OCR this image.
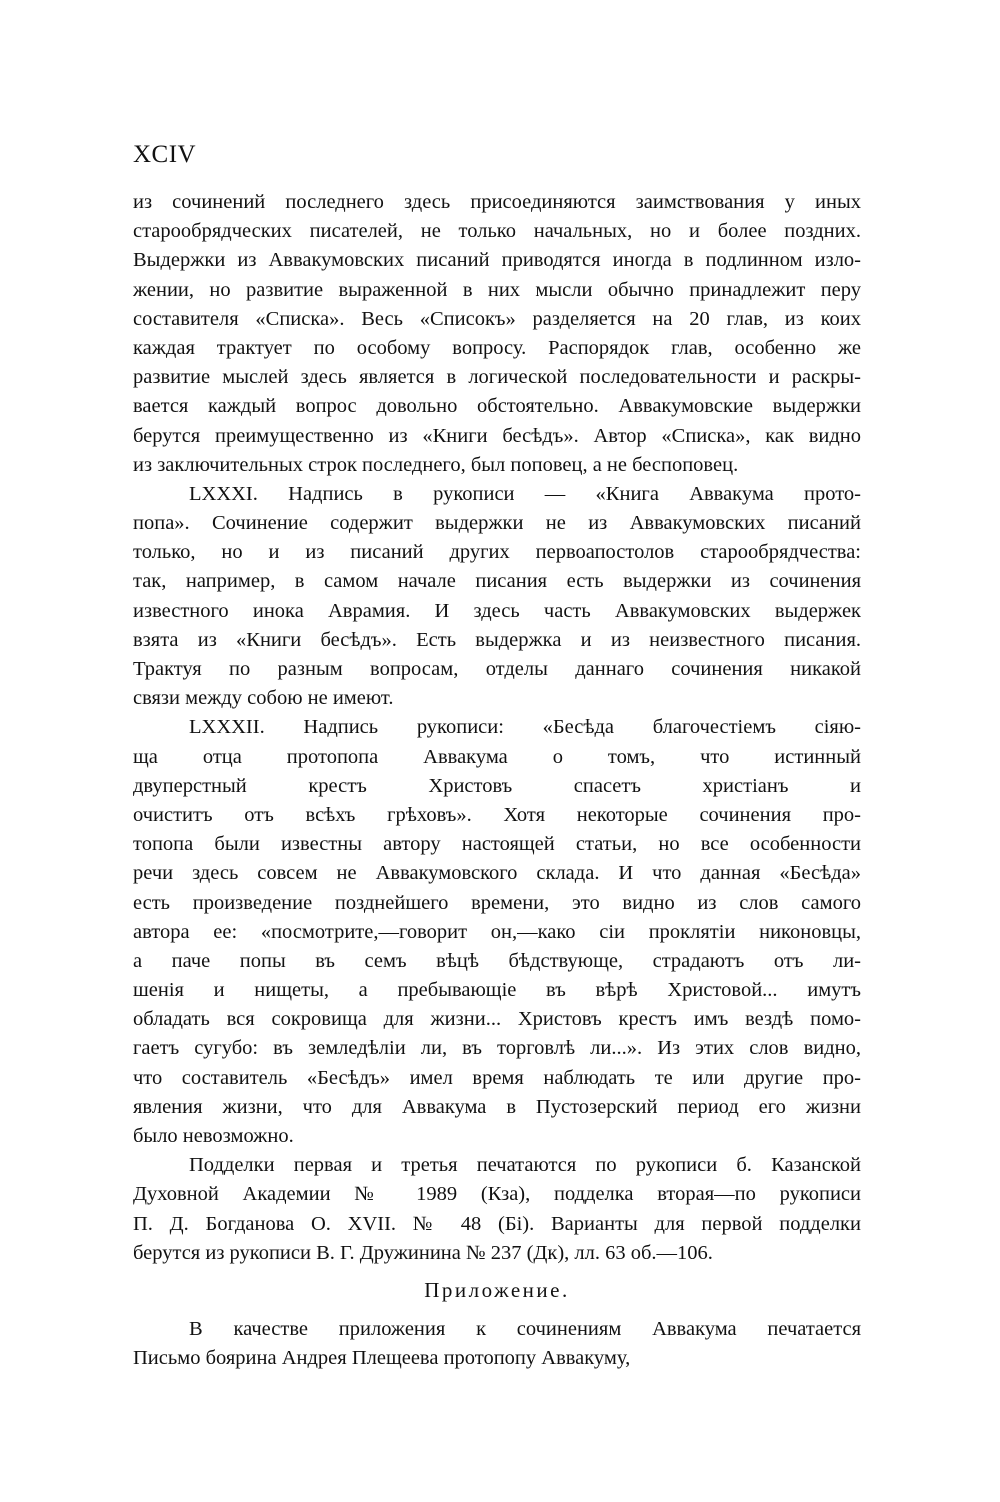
XCIV
из сочинений последнего здесь присоединяются заимствования у иных
старообрядческих писателей, не только начальных, но и более поздних.
Выдержки из Аввакумовских писаний приводятся иногда в подлинном изло-
жении, но развитие выраженной в них мысли обычно принадлежит перу
составителя «Списка». Весь «Списокъ» разделяется на 20 глав, из коих
каждая трактует по особому вопросу. Распорядок глав, особенно же
развитие мыслей здесь является в логической последовательности и раскры-
вается каждый вопрос довольно обстоятельно. Аввакумовские выдержки
берутся преимущественно из «Книги бесѣдъ». Автор «Списка», как видно
из заключительных строк последнего, был поповец, а не беспоповец.
LXXXI. Надпись в рукописи — «Книга Аввакума прото-
попа». Сочинение содержит выдержки не из Аввакумовских писаний
только, но и из писаний других первоапостолов старообрядчества:
так, например, в самом начале писания есть выдержки из сочинения
известного инока Аврамия. И здесь часть Аввакумовских выдержек
взята из «Книги бесѣдъ». Есть выдержка и из неизвестного писания.
Трактуя по разным вопросам, отделы даннаго сочинения никакой
связи между собою не имеют.
LXXXII. Надпись рукописи: «Бесѣда благочестіемъ сіяю-
ща отца протопопа Аввакума о томъ, что истинный
двуперстный крестъ Христовъ спасетъ христіанъ и
очиститъ отъ всѣхъ грѣховъ». Хотя некоторые сочинения про-
топопа были известны автору настоящей статьи, но все особенности
речи здесь совсем не Аввакумовского склада. И что данная «Бесѣда»
есть произведение позднейшего времени, это видно из слов самого
автора ее: «посмотрите,—говорит он,—како сіи проклятіи никоновцы,
а паче попы въ семъ вѣцѣ бѣдствующе, страдаютъ отъ ли-
шенія и нищеты, а пребывающіе въ вѣрѣ Христовой... имутъ
обладать вся сокровища для жизни... Христовъ крестъ имъ вездѣ помо-
гаетъ сугубо: въ земледѣліи ли, въ торговлѣ ли...». Из этих слов видно,
что составитель «Бесѣдъ» имел время наблюдать те или другие про-
явления жизни, что для Аввакума в Пустозерский период его жизни
было невозможно.
Подделки первая и третья печатаются по рукописи б. Казанской
Духовной Академии № 1989 (Кза), подделка вторая—по рукописи
П. Д. Богданова О. XVII. № 48 (Бі). Варианты для первой подделки
берутся из рукописи В. Г. Дружинина № 237 (Дк), лл. 63 об.—106.
Приложение.
В качестве приложения к сочинениям Аввакума печатается
Письмо боярина Андрея Плещеева протопопу Аввакуму,
